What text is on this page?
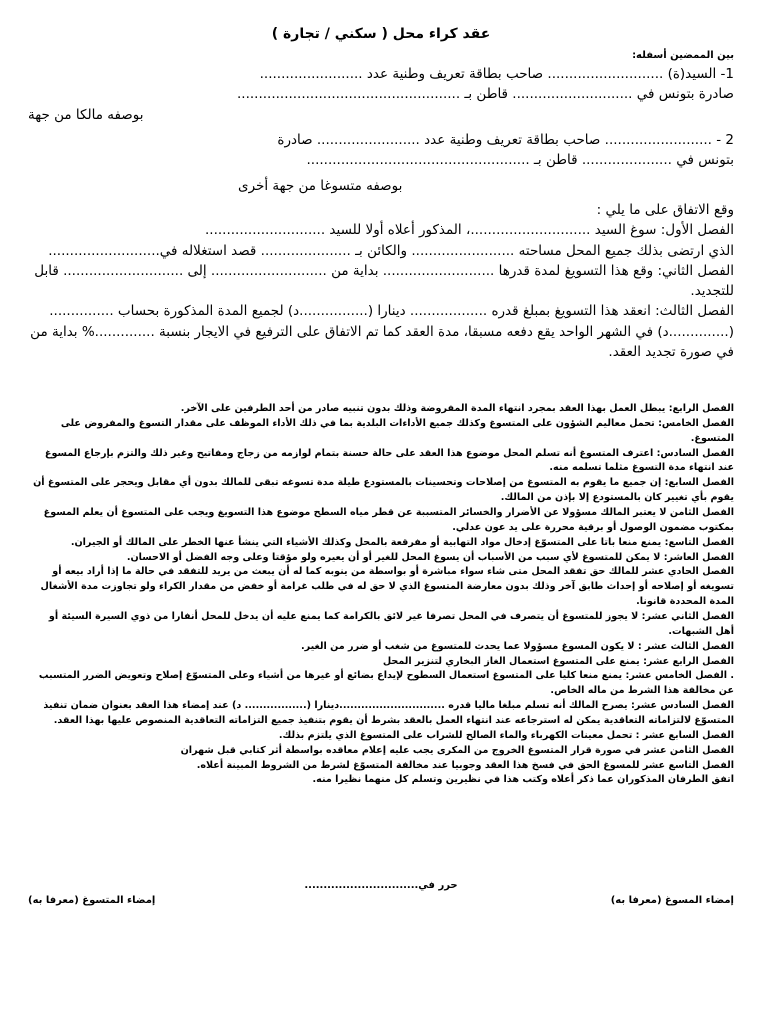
عقد كراء محل ( سكني / تجارة )
بين الممضين أسفله:

1- السيد(ة) ........................... صاحب بطاقة تعريف وطنية عدد ........................

صادرة بتونس في ............................ قاطن بـ ....................................................

بوصفه مالكا من جهة

2 - ......................... صاحب بطاقة تعريف وطنية عدد ........................ صادرة

بتونس في ..................... قاطن بـ ....................................................

بوصفه متسوغا من جهة أخرى

وقع الاتفاق على ما يلي :

الفصل الأول: سوغ السيد ............................، المذكور أعلاه أولا للسيد ............................

الذي ارتضى بذلك جميع المحل مساحته ........................ والكائن بـ ..................... قصد استغلاله في..........................

الفصل الثاني: وقع هذا التسويغ لمدة قدرها .......................... بداية من ........................... إلى ............................ قابل للتجديد.

الفصل الثالث: انعقد هذا التسويغ بمبلغ قدره .................. دينارا (................د) لجميع المدة المذكورة بحساب ............... (..............د) في الشهر الواحد يقع دفعه مسبقا، مدة العقد كما تم الاتفاق على الترفيع في الايجار بنسبة ..............% بداية من في صورة تجديد العقد.

الفصل الرابع: يبطل العمل بهذا العقد بمجرد انتهاء المدة المفروضة وذلك بدون تنبيه صادر من أحد الطرفين على الآخر.

الفصل الخامس: تحمل معاليم الشؤون على المتسوغ وكذلك جميع الأداءات البلدية بما في ذلك الأداء الموظف على مقدار التسوغ والمفروض على المتسوغ.

الفصل السادس: اعترف المتسوغ أنه تسلم المحل موضوع هذا العقد على حالة حسنة بتمام لوازمه من زجاج ومفاتيح وغير ذلك والتزم بإرجاع المسوغ عند انتهاء مدة التسوغ مثلما تسلمه منه.

الفصل السابع: إن جميع ما يقوم به المتسوغ من إصلاحات وتحسينات بالمستودع طيلة مدة تسوغه تبقى للمالك بدون أي مقابل ويحجر على المتسوغ أن يقوم بأي تغيير كان بالمستودع إلا بإذن من المالك.

الفصل الثامن لا يعتبر المالك مسؤولا عن الأضرار والخسائر المتسببة عن قطر مياه السطح موضوع هذا التسويغ ويجب على المتسوغ أن يعلم المسوغ بمكتوب مضمون الوصول أو برقية محررة على يد عون عدلي.

الفصل التاسع: يمنع منعا باتا على المتسوّغ إدخال مواد التهابية أو مفرقعة بالمحل وكذلك الأشياء التي ينشأ عنها الخطر على المالك أو الجيران.

الفصل العاشر: لا يمكن للمتسوغ لأي سبب من الأسباب أن يسوغ المحل للغير أو أن يعيره ولو مؤقتا وعلى وجه الفضل أو الاحسان.

الفصل الحادي عشر للمالك حق تفقد المحل متى شاء سواء مباشرة أو بواسطة من ينوبه كما له أن يبعث من يريد للتفقد في حالة ما إذا أراد بيعه أو تسويغه أو إصلاحه أو إحداث طابق آخر وذلك بدون معارضة المتسوغ الذي لا حق له في طلب غرامة أو خفض من مقدار الكراء ولو تجاوزت مدة الأشغال المدة المحددة قانونا.

الفصل الثاني عشر: لا يجوز للمتسوغ أن يتصرف في المحل تصرفا غير لائق بالكرامة كما يمنع عليه أن يدخل للمحل أنفارا من ذوي السيرة السيئة أو أهل الشبهات.

الفصل الثالث عشر : لا يكون المسوغ مسؤولا عما يحدث للمتسوغ من شغب أو ضرر من الغير.

الفصل الرابع عشر: يمنع على المتسوغ استعمال الغاز البخاري لتنزير المحل

. الفصل الخامس عشر: يمنع منعا كليا على المتسوغ استعمال السطوح لإيداع بضائع أو غيرها من أشياء وعلى المتسوّغ إصلاح وتعويض الضرر المتسبب عن مخالفة هذا الشرط من ماله الخاص.

الفصل السادس عشر: يصرح المالك أنه تسلم مبلغا ماليا قدره .............................دينارا (................. د) عند إمضاء هذا العقد بعنوان ضمان تنفيذ المتسوّغ لالتزاماته التعاقدية يمكن له استرجاعه عند انتهاء العمل بالعقد بشرط أن يقوم بتنفيذ جميع التزاماته التعاقدية المنصوص عليها بهذا العقد.

الفصل السابع عشر : تحمل معينات الكهرباء والماء الصالح للشراب على المتسوغ الذي يلتزم بذلك.

الفصل الثامن عشر في صورة قرار المتسوغ الخروج من المكرى يجب عليه إعلام معاقده بواسطة أثر كتابي قبل شهران

الفصل التاسع عشر للمسوغ الحق في فسخ هذا العقد وجوبيا عند مخالفة المتسوّغ لشرط من الشروط المبينة أعلاه.

اتفق الطرفان المذكوران عما ذكر أعلاه وكتب هذا في نظيرين وتسلم كل منهما نظيرا منه.

حرر في..............................
إمضاء المسوغ (معرفا به)
إمضاء المتسوغ (معرفا به)
